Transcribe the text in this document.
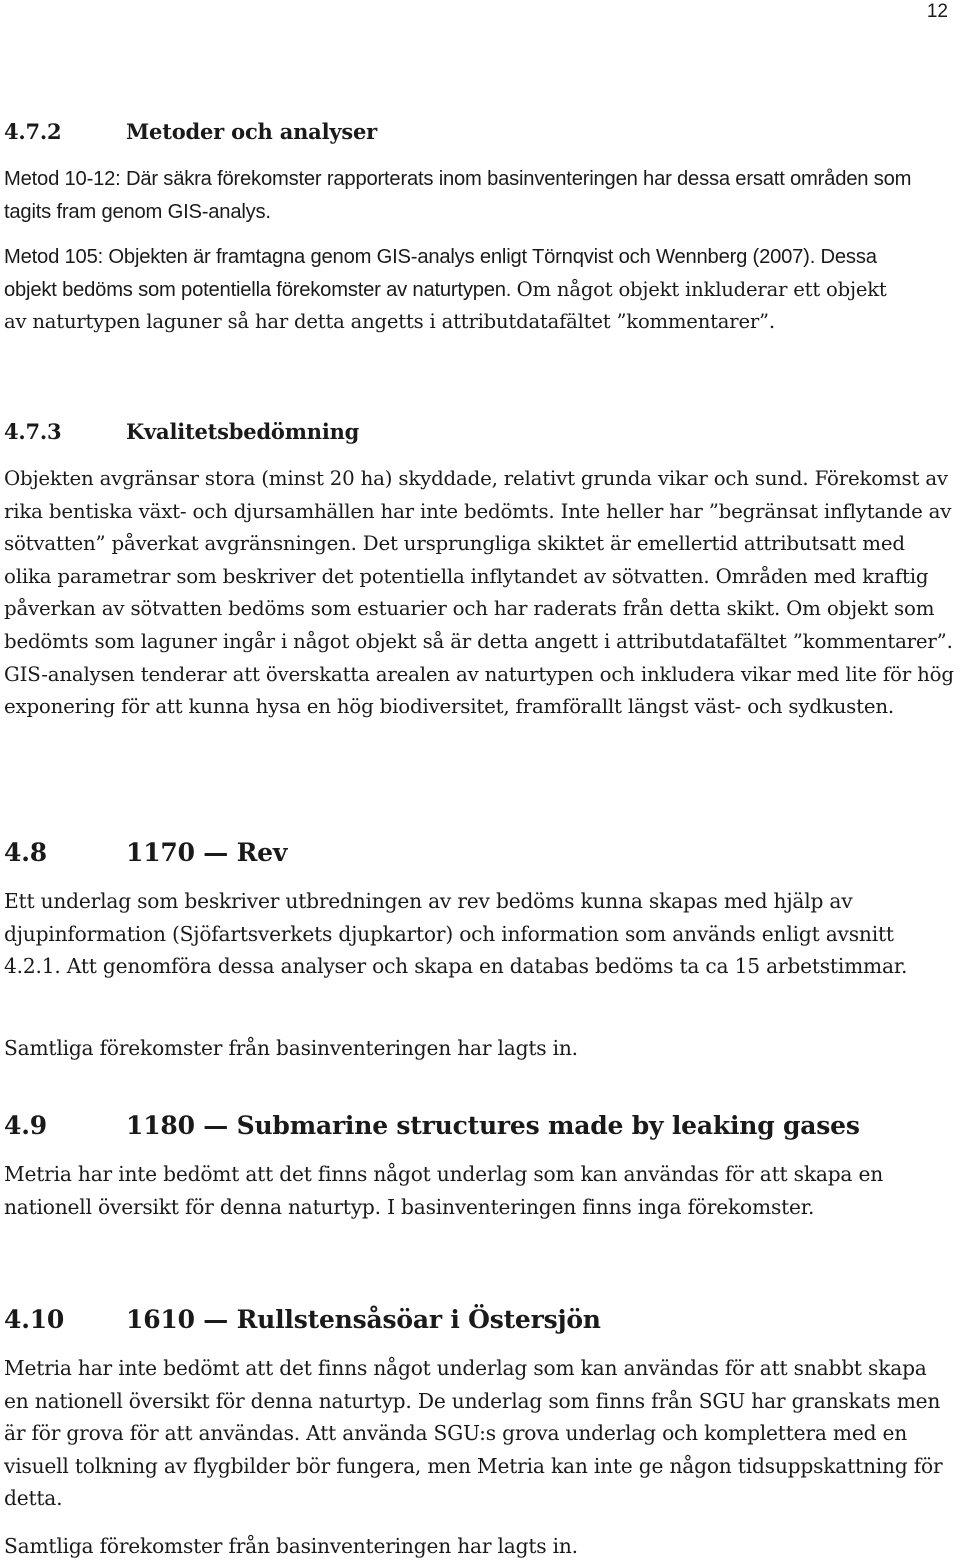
12
4.7.2	Metoder och analyser

Metod 10-12: Där säkra förekomster rapporterats inom basinventeringen har dessa ersatt områden som tagits fram genom GIS-analys.

Metod 105: Objekten är framtagna genom GIS-analys enligt Törnqvist och Wennberg (2007). Dessa objekt bedöms som potentiella förekomster av naturtypen. Om något objekt inkluderar ett objekt av naturtypen laguner så har detta angetts i attributdatafältet ”kommentarer”.

4.7.3	Kvalitetsbedömning

Objekten avgränsar stora (minst 20 ha) skyddade, relativt grunda vikar och sund. Förekomst av rika bentiska växt- och djursamhällen har inte bedömts. Inte heller har ”begränsat inflytande av sötvatten” påverkat avgränsningen. Det ursprungliga skiktet är emellertid attributsatt med olika parametrar som beskriver det potentiella inflytandet av sötvatten. Områden med kraftig påverkan av sötvatten bedöms som estuarier och har raderats från detta skikt. Om objekt som bedömts som laguner ingår i något objekt så är detta angett i attributdatafältet ”kommentarer”. GIS-analysen tenderar att överskatta arealen av naturtypen och inkludera vikar med lite för hög exponering för att kunna hysa en hög biodiversitet, framförallt längst väst- och sydkusten.

4.8	1170 — Rev

Ett underlag som beskriver utbredningen av rev bedöms kunna skapas med hjälp av djupinformation (Sjöfartsverkets djupkartor) och information som används enligt avsnitt 4.2.1. Att genomföra dessa analyser och skapa en databas bedöms ta ca 15 arbetstimmar.

Samtliga förekomster från basinventeringen har lagts in.

4.9	1180 — Submarine structures made by leaking gases

Metria har inte bedömt att det finns något underlag som kan användas för att skapa en nationell översikt för denna naturtyp. I basinventeringen finns inga förekomster.

4.10 1610 — Rullstensåsöar i Östersjön

Metria har inte bedömt att det finns något underlag som kan användas för att snabbt skapa en nationell översikt för denna naturtyp. De underlag som finns från SGU har granskats men är för grova för att användas. Att använda SGU:s grova underlag och komplettera med en visuell tolkning av flygbilder bör fungera, men Metria kan inte ge någon tidsuppskattning för detta.

Samtliga förekomster från basinventeringen har lagts in.
